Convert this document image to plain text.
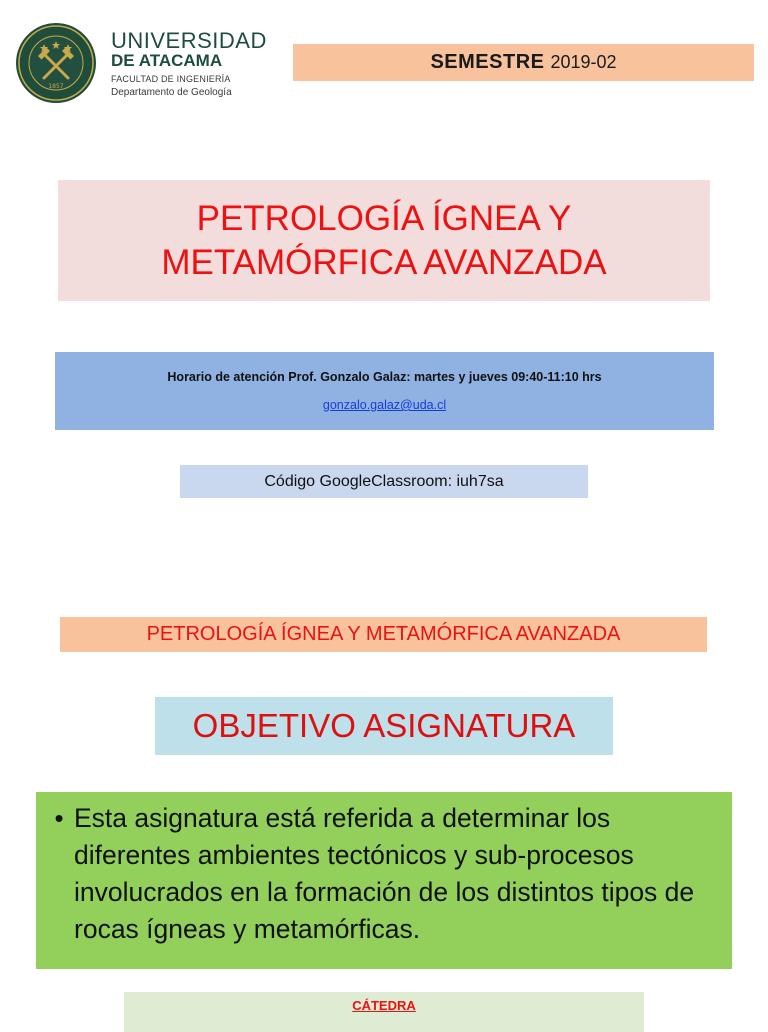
1857
UNIVERSIDAD
DE ATACAMA
FACULTAD DE INGENIERÍA
Departamento de Geología
SEMESTRE 2019-02
PETROLOGÍA ÍGNEA Y
METAMÓRFICA AVANZADA
Horario de atención Prof. Gonzalo Galaz: martes y jueves 09:40-11:10 hrs
gonzalo.galaz@uda.cl
Código GoogleClassroom: iuh7sa
PETROLOGÍA ÍGNEA Y METAMÓRFICA AVANZADA
OBJETIVO ASIGNATURA
• Esta asignatura está referida a determinar los diferentes ambientes tectónicos y sub-procesos involucrados en la formación de los distintos tipos de rocas ígneas y metamórficas.
CÁTEDRA
